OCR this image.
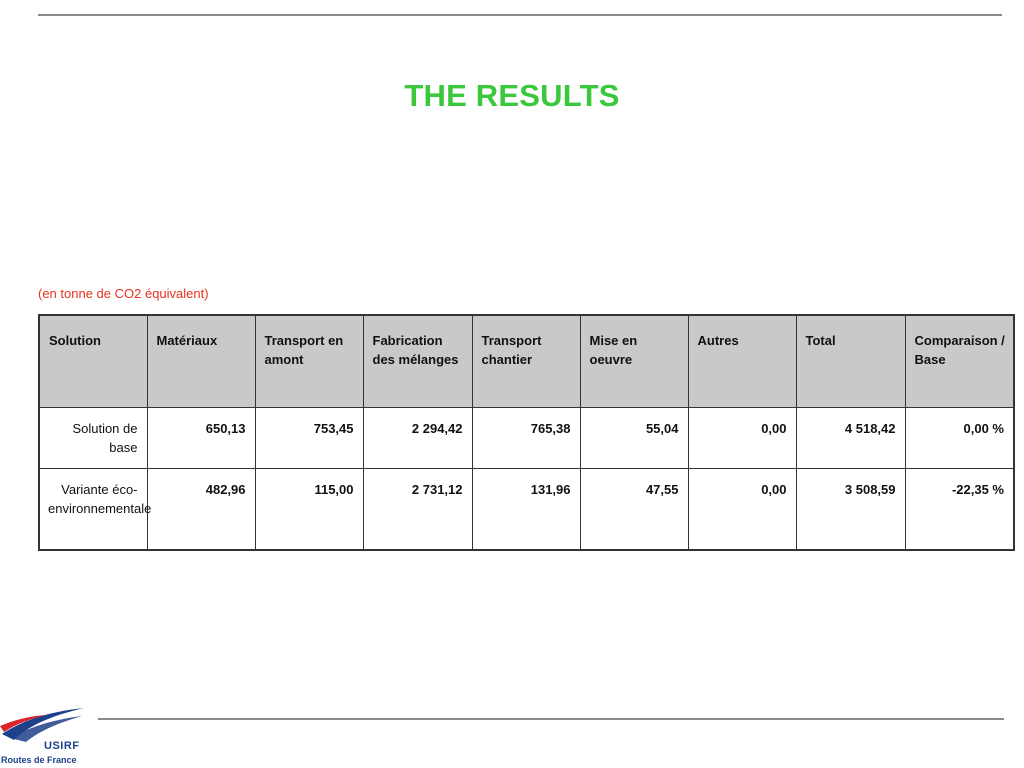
THE RESULTS
(en tonne de CO2 équivalent)
Solution	Matériaux	Transport en amont	Fabrication des mélanges	Transport chantier	Mise en oeuvre	Autres	Total	Comparaison / Base
Solution de base	650,13	753,45	2 294,42	765,38	55,04	0,00	4 518,42	0,00 %
Variante éco-environnementale	482,96	115,00	2 731,12	131,96	47,55	0,00	3 508,59	-22,35 %
USIRF
Routes de France
